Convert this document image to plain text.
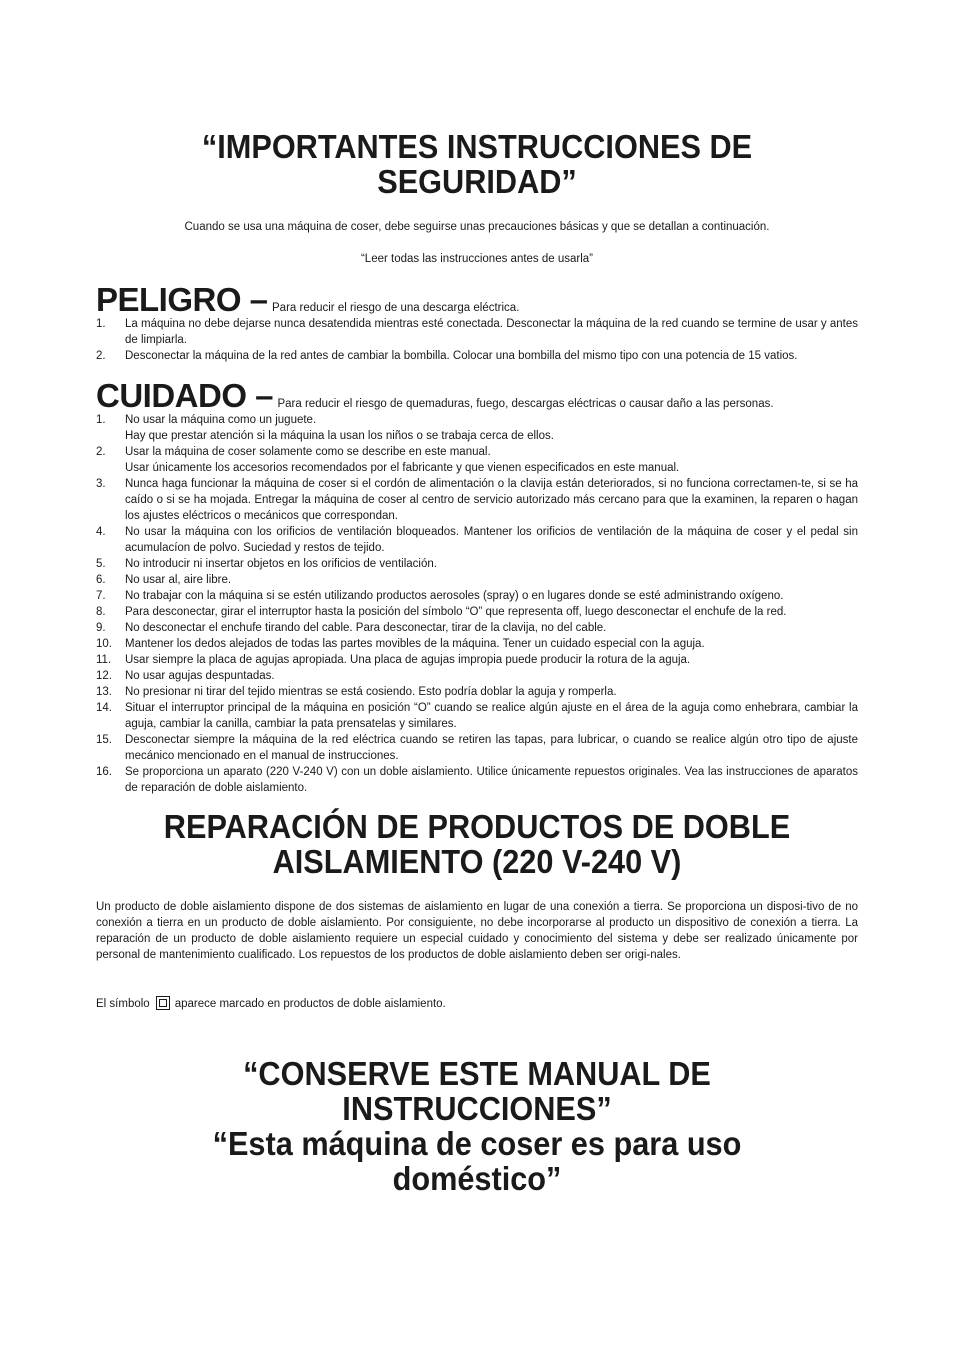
“IMPORTANTES INSTRUCCIONES DE
SEGURIDAD”

Cuando se usa una máquina de coser, debe seguirse unas precauciones básicas y que se detallan a continuación.

“Leer todas las instrucciones antes de usarla”

PELIGRO – Para reducir el riesgo de una descarga eléctrica.

1.	La máquina no debe dejarse nunca desatendida mientras esté conectada. Desconectar la máquina de la red cuando se termine de usar y antes de limpiarla.
2.	Desconectar la máquina de la red antes de cambiar la bombilla. Colocar una bombilla del mismo tipo con una potencia de 15 vatios.

CUIDADO – Para reducir el riesgo de quemaduras, fuego, descargas eléctricas o causar daño a las personas.

1.	No usar la máquina como un juguete.
Hay que prestar atención si la máquina la usan los niños o se trabaja cerca de ellos.
2.	Usar la máquina de coser solamente como se describe en este manual.
Usar únicamente los accesorios recomendados por el fabricante y que vienen especificados en este manual.
3.	Nunca haga funcionar la máquina de coser si el cordón de alimentación o la clavija están deteriorados, si no funciona correctamen-te, si se ha caído o si se ha mojada. Entregar la máquina de coser al centro de servicio autorizado más cercano para que la examinen, la reparen o hagan los ajustes eléctricos o mecánicos que correspondan.
4.	No usar la máquina con los orificios de ventilación bloqueados. Mantener los orificios de ventilación de la máquina de coser y el pedal sin acumulacíon de polvo. Suciedad y restos de tejido.
5.	No introducir ni insertar objetos en los orificios de ventilación.
6.	No usar al, aire libre.
7.	No trabajar con la máquina si se estén utilizando productos aerosoles (spray) o en lugares donde se esté administrando oxígeno.
8.	Para desconectar, girar el interruptor hasta la posición del símbolo “O” que representa off, luego desconectar el enchufe de la red.
9.	No desconectar el enchufe tirando del cable. Para desconectar, tirar de la clavija, no del cable.
10.	Mantener los dedos alejados de todas las partes movibles de la máquina. Tener un cuidado especial con la aguja.
11.	Usar siempre la placa de agujas apropiada. Una placa de agujas impropia puede producir la rotura de la aguja.
12.	No usar agujas despuntadas.
13.	No presionar ni tirar del tejido mientras se está cosiendo. Esto podría doblar la aguja y romperla.
14.	Situar el interruptor principal de la máquina en posición “O” cuando se realice algún ajuste en el área de la aguja como enhebrara, cambiar la aguja, cambiar la canilla, cambiar la pata prensatelas y similares.
15.	Desconectar siempre la máquina de la red eléctrica cuando se retiren las tapas, para lubricar, o cuando se realice algún otro tipo de ajuste mecánico mencionado en el manual de instrucciones.
16.	Se proporciona un aparato (220 V-240 V) con un doble aislamiento. Utilice únicamente repuestos originales. Vea las instrucciones de aparatos de reparación de doble aislamiento.
REPARACIÓN DE PRODUCTOS DE DOBLE
AISLAMIENTO (220 V-240 V)

Un producto de doble aislamiento dispone de dos sistemas de aislamiento en lugar de una conexión a tierra. Se proporciona un disposi-tivo de no conexión a tierra en un producto de doble aislamiento. Por consiguiente, no debe incorporarse al producto un dispositivo de conexión a tierra. La reparación de un producto de doble aislamiento requiere un especial cuidado y conocimiento del sistema y debe ser realizado únicamente por personal de mantenimiento cualificado. Los repuestos de los productos de doble aislamiento deben ser origi-nales.

El símbolo aparece marcado en productos de doble aislamiento.

“CONSERVE ESTE MANUAL DE
INSTRUCCIONES”
“Esta máquina de coser es para uso
doméstico”
